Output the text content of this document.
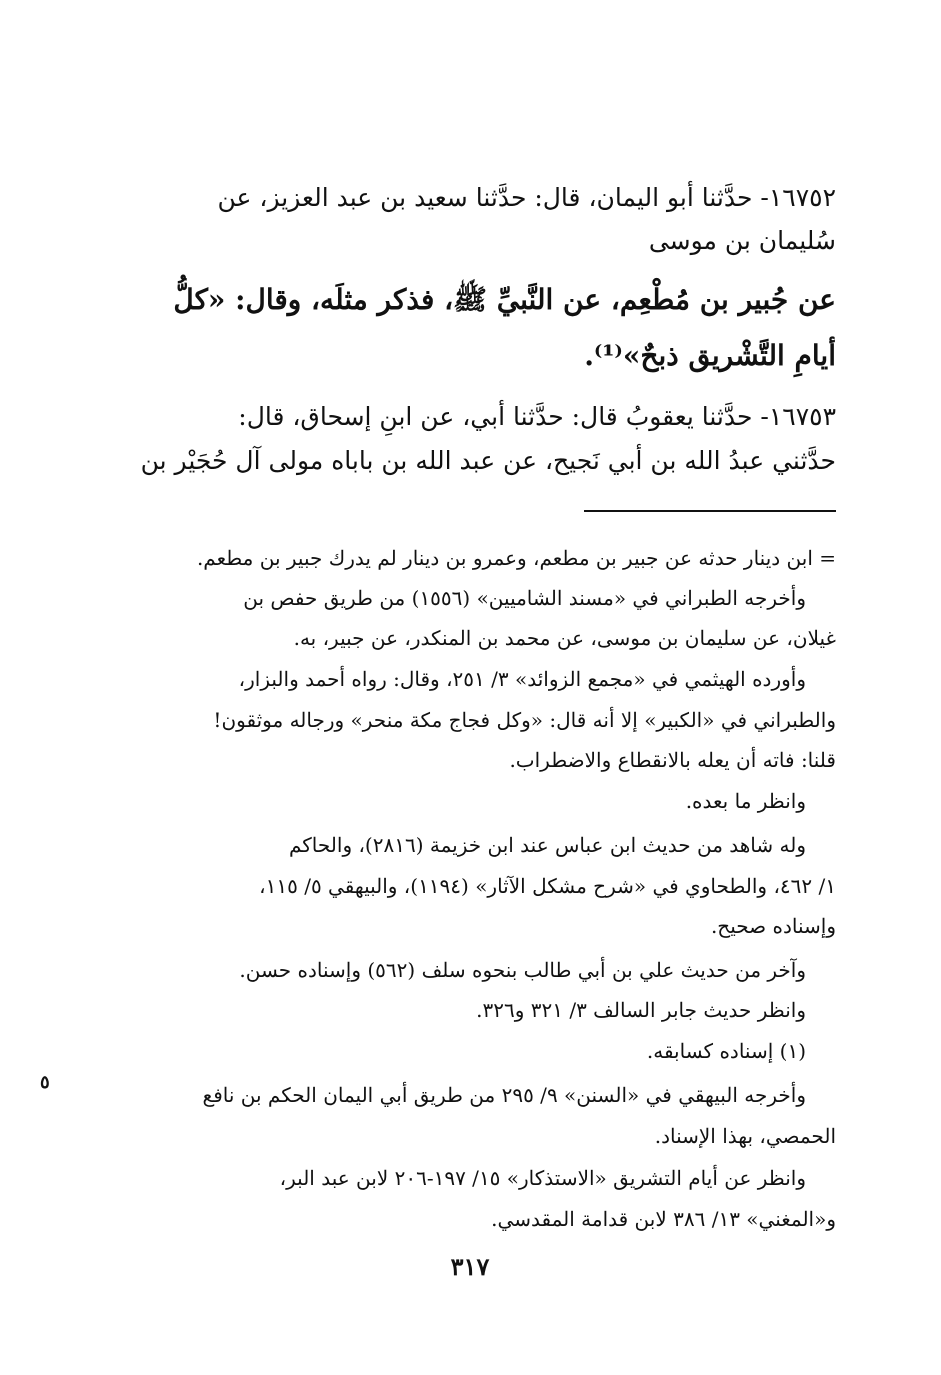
١٦٧٥٢- حدَّثنا أبو اليمان، قال: حدَّثنا سعيد بن عبد العزيز، عن
سُليمان بن موسى
عن جُبير بن مُطْعِم، عن النَّبيِّ ﷺ، فذكر مثلَه، وقال: «كلُّ
أيامِ التَّشْريق ذبحٌ»⁽¹⁾.
١٦٧٥٣- حدَّثنا يعقوبُ قال: حدَّثنا أبي، عن ابنِ إسحاق، قال:
حدَّثني عبدُ الله بن أبي نَجيح، عن عبد الله بن باباه مولى آل حُجَيْر بن
= ابن دينار حدثه عن جبير بن مطعم، وعمرو بن دينار لم يدرك جبير بن مطعم.
وأخرجه الطبراني في «مسند الشاميين» (١٥٥٦) من طريق حفص بن
غيلان، عن سليمان بن موسى، عن محمد بن المنكدر، عن جبير، به.
وأورده الهيثمي في «مجمع الزوائد» ٣/ ٢٥١، وقال: رواه أحمد والبزار،
والطبراني في «الكبير» إلا أنه قال: «وكل فجاج مكة منحر» ورجاله موثقون!
قلنا: فاته أن يعله بالانقطاع والاضطراب.
وانظر ما بعده.
وله شاهد من حديث ابن عباس عند ابن خزيمة (٢٨١٦)، والحاكم
١/ ٤٦٢، والطحاوي في «شرح مشكل الآثار» (١١٩٤)، والبيهقي ٥/ ١١٥،
وإسناده صحيح.
وآخر من حديث علي بن أبي طالب بنحوه سلف (٥٦٢) وإسناده حسن.
وانظر حديث جابر السالف ٣/ ٣٢١ و٣٢٦.
(١) إسناده كسابقه.
وأخرجه البيهقي في «السنن» ٩/ ٢٩٥ من طريق أبي اليمان الحكم بن نافع
الحمصي، بهذا الإسناد.
وانظر عن أيام التشريق «الاستذكار» ١٥/ ١٩٧-٢٠٦ لابن عبد البر،
و«المغني» ١٣/ ٣٨٦ لابن قدامة المقدسي.
٣١٧
٥
